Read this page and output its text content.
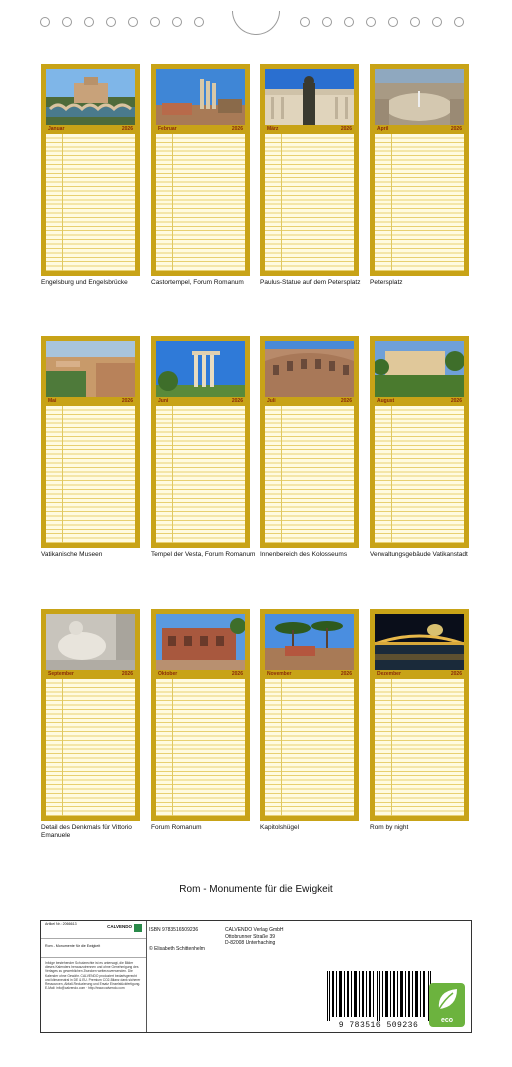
Januar	2026
Engelsburg und Engelsbrücke
Februar	2026
Castortempel, Forum Romanum
März	2026
Paulus-Statue auf dem Petersplatz
April	2026
Petersplatz
Mai	2026
Vatikanische Museen
Juni	2026
Tempel der Vesta, Forum Romanum
Juli	2026
Innenbereich des Kolosseums
August	2026
Verwaltungsgebäude Vatikanstadt
September	2026
Detail des Denkmals für Vittorio Emanuele
Oktober	2026
Forum Romanum
November	2026
Kapitolshügel
Dezember	2026
Rom by night
Rom - Monumente für die Ewigkeit
Artikel Nr.: 2066613	CALVENDO
Rom - Monumente für die Ewigkeit
Infolge bestehender Schutzrechte ist es untersagt, die Bilder dieses Kalenders herauszutrennen und ohne Genehmigung des Verlages zu gewerblichen Zwecken weiterzuverwenden. Die Kalender ohne Gewähr. CALVENDO produziert bedarfsgerecht und klimaneutral in DE & EU. Premium CO2-Bilanz dank sicherer Ressourcen, Abfall-Reduzierung und Ersatz Einzelstückfertigung. E-Mail: info@calvendo.com · http://www.calvendo.com
ISBN 9783516509236
© Elisabeth Schittenhelm
CALVENDO Verlag GmbH
Ottobrunner Straße 39
D-82008 Unterhaching
9 783516 509236
eco
